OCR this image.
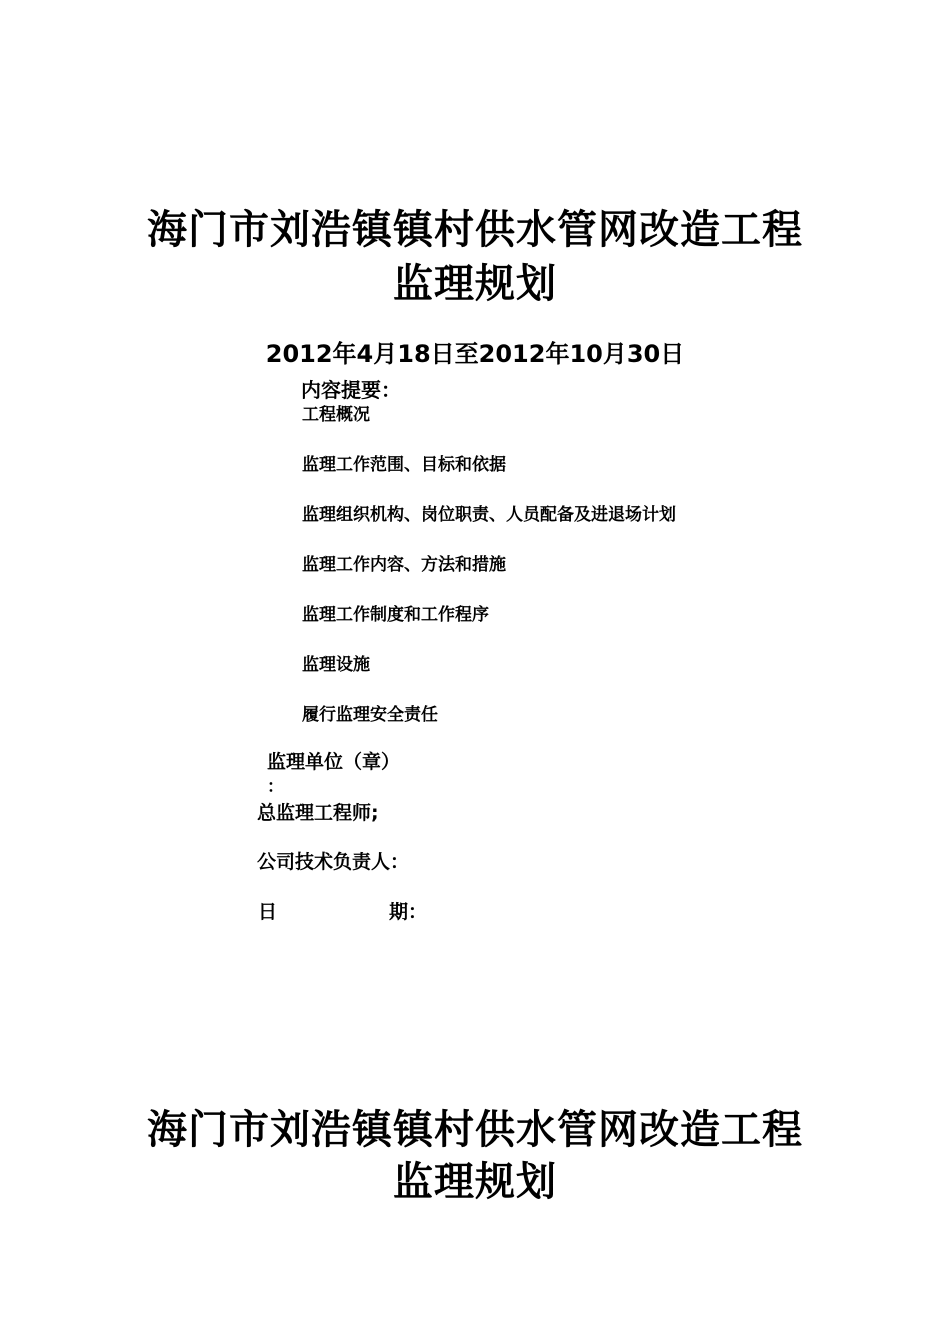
海门市刘浩镇镇村供水管网改造工程
监理规划
2012年4月18日至2012年10月30日
内容提要：
工程概况
监理工作范围、目标和依据
监理组织机构、岗位职责、人员配备及进退场计划
监理工作内容、方法和措施
监理工作制度和工作程序
监理设施
履行监理安全责任
监理单位（章）
：
总监理工程师;
公司技术负责人：
日	期：
海门市刘浩镇镇村供水管网改造工程
监理规划
